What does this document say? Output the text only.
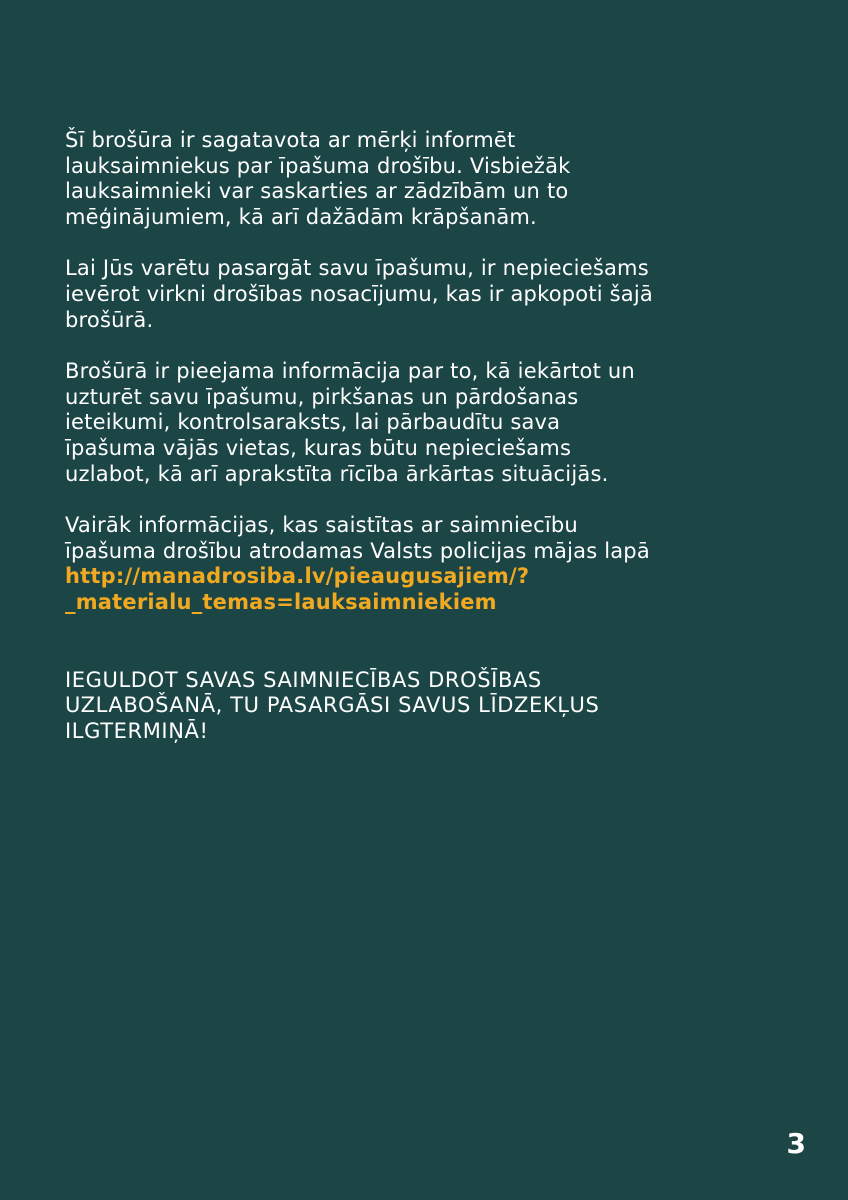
Šī brošūra ir sagatavota ar mērķi informēt
lauksaimniekus par īpašuma drošību. Visbiežāk
lauksaimnieki var saskarties ar zādzībām un to
mēģinājumiem, kā arī dažādām krāpšanām.

Lai Jūs varētu pasargāt savu īpašumu, ir nepieciešams
ievērot virkni drošības nosacījumu, kas ir apkopoti šajā
brošūrā.

Brošūrā ir pieejama informācija par to, kā iekārtot un
uzturēt savu īpašumu, pirkšanas un pārdošanas
ieteikumi, kontrolsaraksts, lai pārbaudītu sava
īpašuma vājās vietas, kuras būtu nepieciešams
uzlabot, kā arī aprakstīta rīcība ārkārtas situācijās.

Vairāk informācijas, kas saistītas ar saimniecību
īpašuma drošību atrodamas Valsts policijas mājas lapā
http://manadrosiba.lv/pieaugusajiem/?
_materialu_temas=lauksaimniekiem

IEGULDOT SAVAS SAIMNIECĪBAS DROŠĪBAS
UZLABOŠANĀ, TU PASARGĀSI SAVUS LĪDZEKĻUS
ILGTERMIŅĀ!

3
